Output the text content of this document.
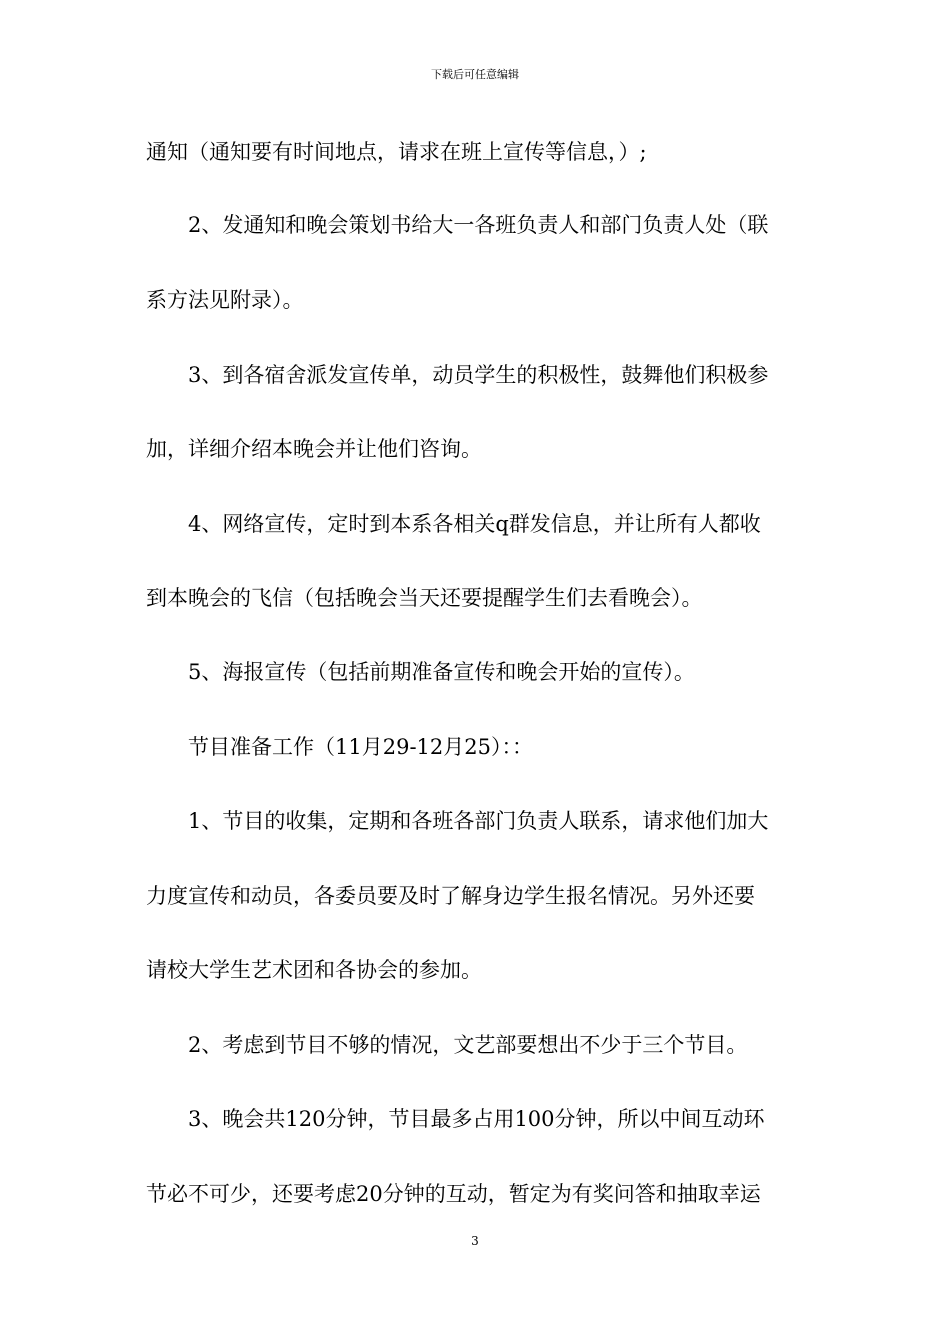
下载后可任意编辑
通知（通知要有时间地点，请求在班上宣传等信息，）;
2、发通知和晚会策划书给大一各班负责人和部门负责人处（联
系方法见附录）。
3、到各宿舍派发宣传单，动员学生的积极性，鼓舞他们积极参
加，详细介绍本晚会并让他们咨询。
4、网络宣传，定时到本系各相关q群发信息，并让所有人都收
到本晚会的飞信（包括晚会当天还要提醒学生们去看晚会）。
5、海报宣传（包括前期准备宣传和晚会开始的宣传）。
节目准备工作（11月29-12月25）：：
1、节目的收集，定期和各班各部门负责人联系，请求他们加大
力度宣传和动员，各委员要及时了解身边学生报名情况。另外还要
请校大学生艺术团和各协会的参加。
2、考虑到节目不够的情况，文艺部要想出不少于三个节目。
3、晚会共120分钟，节目最多占用100分钟，所以中间互动环
节必不可少，还要考虑20分钟的互动，暂定为有奖问答和抽取幸运
3
